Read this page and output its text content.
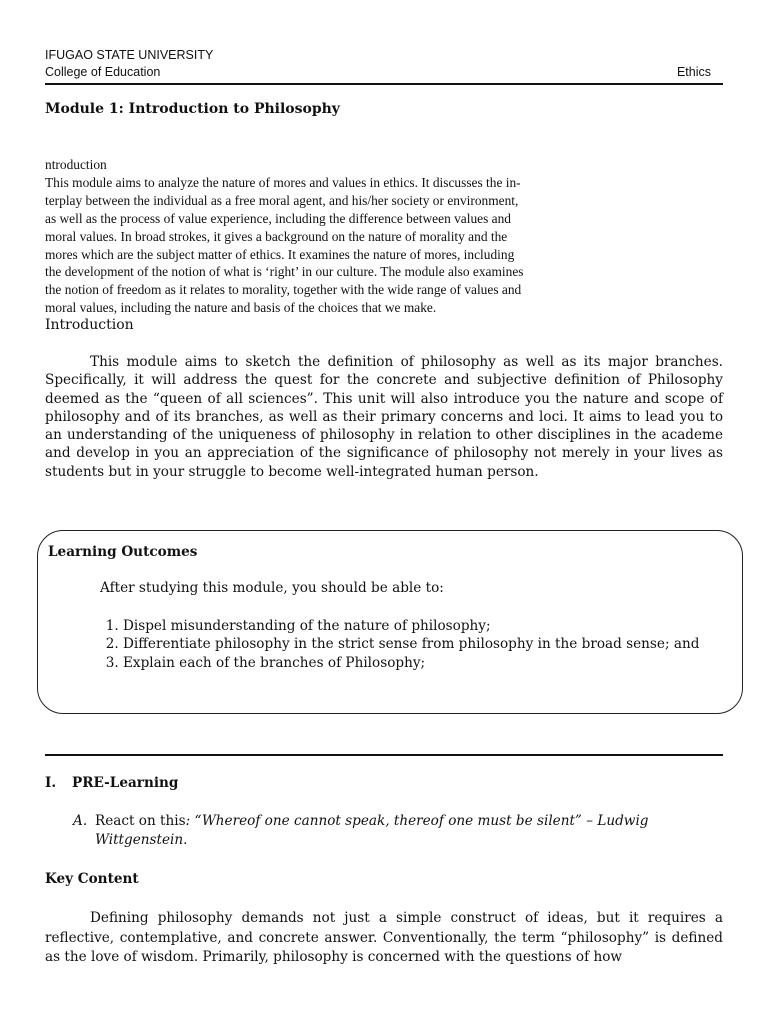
IFUGAO STATE UNIVERSITY
College of Education	Ethics
Module 1: Introduction to Philosophy

ntroduction

This module aims to analyze the nature of mores and values in ethics. It discusses the in-

terplay between the individual as a free moral agent, and his/her society or environment,

as well as the process of value experience, including the difference between values and

moral values. In broad strokes, it gives a background on the nature of morality and the

mores which are the subject matter of ethics. It examines the nature of mores, including

the development of the notion of what is ‘right’ in our culture. The module also examines

the notion of freedom as it relates to morality, together with the wide range of values and

moral values, including the nature and basis of the choices that we make.

Introduction

This module aims to sketch the definition of philosophy as well as its major branches. Specifically, it will address the quest for the concrete and subjective definition of Philosophy deemed as the “queen of all sciences”. This unit will also introduce you the nature and scope of philosophy and of its branches, as well as their primary concerns and loci. It aims to lead you to an understanding of the uniqueness of philosophy in relation to other disciplines in the academe and develop in you an appreciation of the significance of philosophy not merely in your lives as students but in your struggle to become well-integrated human person.

Learning Outcomes
After studying this module, you should be able to:
1. Dispel misunderstanding of the nature of philosophy;
2. Differentiate philosophy in the strict sense from philosophy in the broad sense; and
3. Explain each of the branches of Philosophy;
I. PRE-Learning
A. React on this: “Whereof one cannot speak, thereof one must be silent” – Ludwig
Wittgenstein.
Key Content

Defining philosophy demands not just a simple construct of ideas, but it requires a reflective, contemplative, and concrete answer. Conventionally, the term “philosophy” is defined as the love of wisdom. Primarily, philosophy is concerned with the questions of how
